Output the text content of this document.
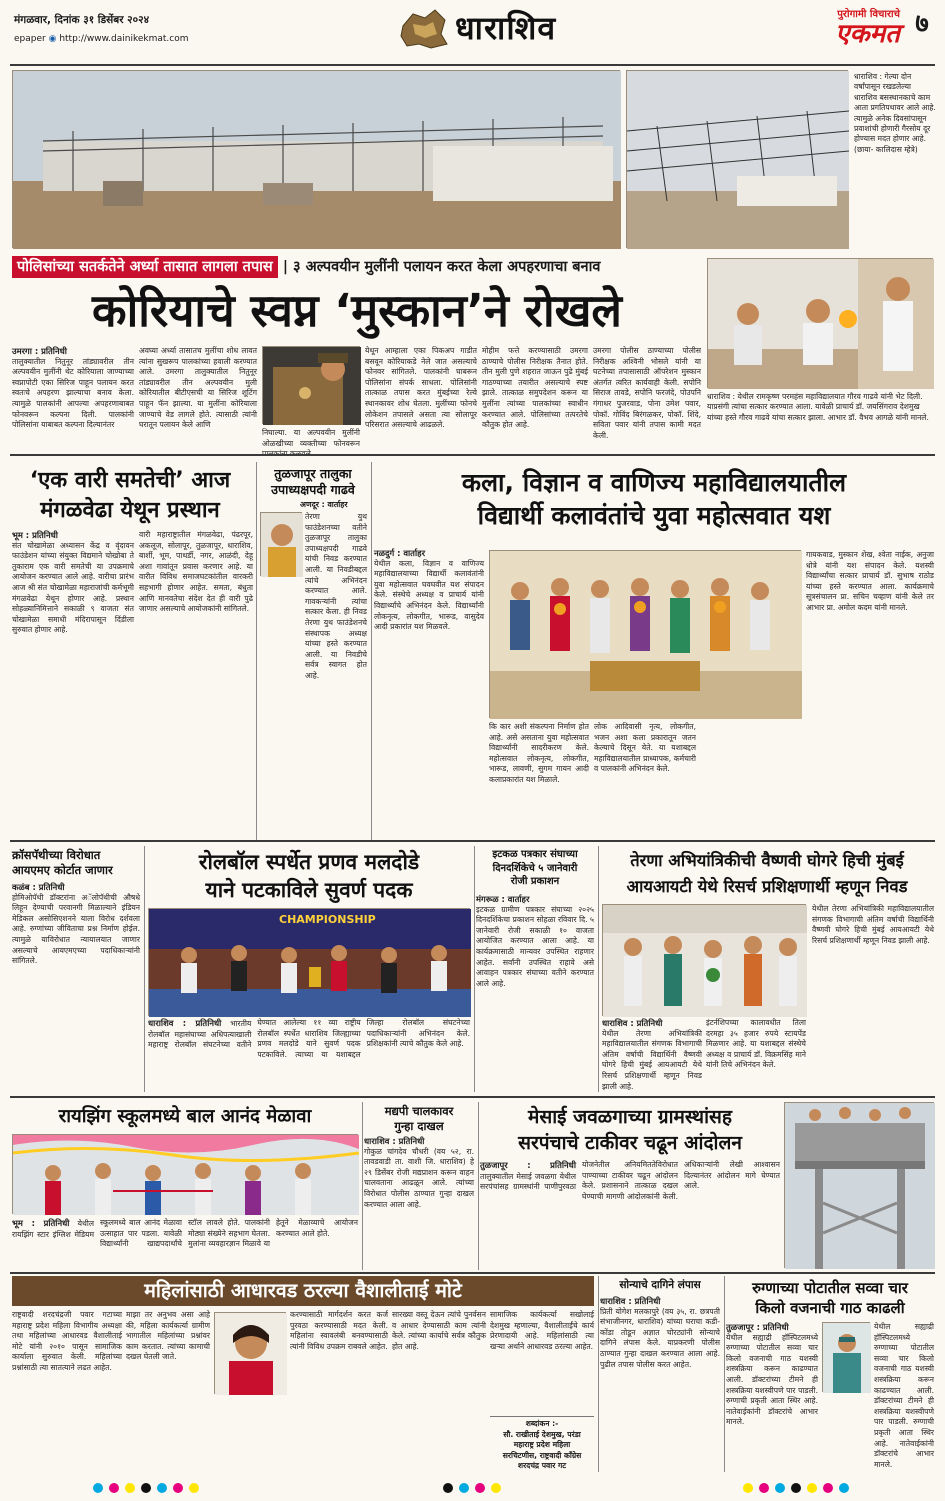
मंगळवार, दिनांक ३१ डिसेंबर २०२४
epaper ◉ http://www.dainikekmat.com	धाराशिव	पुरोगामी विचाराचे
एकमत ७
धाराशिव : गेल्या दोन वर्षांपासून रखडलेल्या धाराशिव बसस्थानकाचे काम आता प्रगतिपथावर आले आहे. त्यामुळे अनेक दिवसांपासून प्रवाशांची होणारी गैरसोय दूर होण्यास मदत होणार आहे. (छाया- कालिदास म्हेत्रे)
पोलिसांच्या सतर्कतेने अर्ध्या तासात लागला तपास | ३ अल्पवयीन मुलींनी पलायन करत केला अपहरणाचा बनाव
कोरियाचे स्वप्न ‘मुस्कान’ने रोखले
उमरगा : प्रतिनिधी
तालुक्यातील नितुनूर तांड्यावरील तीन अल्पवयीन मुलींनी थेट कोरियाला जाण्याच्या स्वप्नापोटी एका सिरिज पाहून पलायन करत स्वतःचे अपहरण झाल्याचा बनाव केला. त्यामुळे पालकांनी आपल्या अपहरणाबाबत फोनवरून कल्पना दिली. पालकांनी पोलिसांना याबाबत कल्पना दिल्यानंतर
अवघ्या अर्ध्या तासातच मुलींचा शोध लावत त्यांना सुखरूप पालकांच्या हवाली करण्यात आले. उमरगा तालुक्यातील नितुनूर तांड्यावरील तीन अल्पवयीन मुली कोरियातील बीटीएसची या सिरिज शूटिंग पाहून फॅन झाल्या. या मुलींना कोरियाला जाण्याचे वेड लागले होते. त्यासाठी त्यांनी घरातून पलायन केले आणि
निघाल्या. या अल्पवयीन मुलींनी ओळखीच्या व्यक्तीच्या फोनवरून
येथून आम्हाला एका पिकअप गाडीत बसवून कोरियाकडे नेले जात असल्याचे फोनवर सांगितले. पालकांनी घाबरून पोलिसांना संपर्क साधला. पोलिसांनी तात्काळ तपास करत मुंबईच्या रेल्वे स्थानकावर शोध घेतला. मुलींच्या फोनचे लोकेशन तपासले असता त्या सोलापूर परिसरात असल्याचे आढळले.
मोहीम फत्ते करण्यासाठी उमरगा ठाण्याचे पोलीस निरीक्षक तैनात होते. तीन मुली पुणे शहरात जाऊन पुढे मुंबई गाठण्याच्या तयारीत असल्याचे स्पष्ट झाले. तात्काळ समुपदेशन करून या मुलींना त्यांच्या पालकांच्या स्वाधीन करण्यात आले. पोलिसांच्या तत्परतेचे कौतुक होत आहे.
उमरगा पोलीस ठाण्याच्या पोलीस निरीक्षक अश्विनी भोसले यांनी या घटनेच्या तपासासाठी ऑपरेशन मुस्कान अंतर्गत त्वरित कार्यवाही केली. सपोनि सिराज तावडे, सपोनि फरजंदे, पोउपनि गंगाधर पुजरवाड, पोना उमेश पवार, पोकॉ. गोविंद बिरंगळकर, पोकॉ. शिंदे, सविता पवार यांनी तपास कामी मदत केली.
धाराशिव : येथील रामकृष्ण परमहंस महाविद्यालयात गौरव गाढवे यांनी भेट दिली. याप्रसंगी त्यांचा सत्कार करण्यात आला. यावेळी प्राचार्य डॉ. जयसिंगराव देशमुख यांच्या हस्ते गौरव गाढवे यांचा सत्कार झाला. आभार डॉ. वैभव आगळे यांनी मानले.
‘एक वारी समतेची’ आज
मंगळवेढा येथून प्रस्थान
भूम : प्रतिनिधी
संत चोखामेळा अध्यासन केंद्र व वृंदावन फाउंडेशन यांच्या संयुक्त विद्यमाने चोखोबा ते तुकाराम एक वारी समतेची या उपक्रमाचे आयोजन करण्यात आले आहे. वारीचा प्रारंभ आज श्री संत चोखामेळा महाराजांची कर्मभूमी मंगळवेढा येथून होणार आहे. प्रस्थान सोहळ्यानिमित्ताने सकाळी ९ वाजता संत चोखामेळा समाधी मंदिरापासून दिंडीला सुरुवात होणार आहे.
वारी महाराष्ट्रातील मंगळवेढा, पंढरपूर, अकलूज, सोलापूर, तुळजापूर, धाराशिव, बार्शी, भूम, पाथर्डी, नगर, आळंदी, देहू अशा गावांतून प्रवास करणार आहे. या वारीत विविध समाजघटकांतील वारकरी सहभागी होणार आहेत. समता, बंधुता आणि मानवतेचा संदेश देत ही वारी पुढे जाणार असल्याचे आयोजकांनी सांगितले.
तुळजापूर तालुका
उपाध्यक्षपदी गाढवे
अणदूर : वार्ताहर
तेरणा युथ फाउंडेशनच्या वतीने तुळजापूर तालुका उपाध्यक्षपदी गाढवे यांची निवड करण्यात आली. या निवडीबद्दल त्यांचे अभिनंदन करण्यात आले. गावकऱ्यांनी त्यांचा सत्कार केला. ही निवड तेरणा युथ फाउंडेशनचे संस्थापक अध्यक्ष यांच्या हस्ते करण्यात आली. या निवडीचे सर्वत्र स्वागत होत आहे.
कला, विज्ञान व वाणिज्य महाविद्यालयातील
विद्यार्थी कलावंतांचे युवा महोत्सवात यश
नळदुर्ग : वार्ताहर
येथील कला, विज्ञान व वाणिज्य महाविद्यालयाच्या विद्यार्थी कलावंतांनी युवा महोत्सवात घवघवीत यश संपादन केले. संस्थेचे अध्यक्ष व प्राचार्य यांनी विद्यार्थ्यांचे अभिनंदन केले. विद्यार्थ्यांनी लोकनृत्य, लोकगीत, भारूड, वासुदेव आदी प्रकारांत यश मिळवले.
कि कार अशी संकल्पना निर्माण होत आहे. असे असताना युवा महोत्सवात विद्यार्थ्यांनी सादरीकरण केले. महोत्सवात लोकनृत्य, लोकगीत, भारूड, लावणी, सुगम गायन आदी कलाप्रकारांत यश मिळाले.
लोक आदिवासी नृत्य, लोकगीत, भजन अशा कला प्रकारातून जतन केल्याचे दिसून येते. या यशाबद्दल महाविद्यालयातील प्राध्यापक, कर्मचारी व पालकांनी अभिनंदन केले.
गायकवाड, मुस्कान शेख, श्वेता नाईक, अनुजा धोत्रे यांनी यश संपादन केले. यशस्वी विद्यार्थ्यांचा सत्कार प्राचार्य डॉ. सुभाष राठोड यांच्या हस्ते करण्यात आला. कार्यक्रमाचे सूत्रसंचालन प्रा. सचिन चव्हाण यांनी केले तर आभार प्रा. अमोल कदम यांनी मानले.
क्रॉसपॅथीच्या विरोधात
आयएमए कोर्टात जाणार
कळंब : प्रतिनिधी
होमिओपॅथी डॉक्टरांना अॅलोपॅथीची औषधे लिहून देण्याची परवानगी मिळाल्याने इंडियन मेडिकल असोसिएशनने याला विरोध दर्शवला आहे. रुग्णांच्या जीविताचा प्रश्न निर्माण होईल. त्यामुळे याविरोधात न्यायालयात जाणार असल्याचे आयएमएच्या पदाधिकाऱ्यांनी सांगितले.
रोलबॉल स्पर्धेत प्रणव मलदोडे
याने पटकाविले सुवर्ण पदक
CHAMPIONSHIP
धाराशिव : प्रतिनिधी भारतीय रोलबॉल महासंघाच्या अधिपत्याखाली महाराष्ट्र रोलबॉल संघटनेच्या वतीने घेण्यात आलेल्या ११ व्या राष्ट्रीय रोलबॉल स्पर्धेत धाराशिव जिल्ह्याच्या प्रणव मलदोडे याने सुवर्ण पदक पटकाविले. त्याच्या या यशाबद्दल जिल्हा रोलबॉल संघटनेच्या पदाधिकाऱ्यांनी अभिनंदन केले. प्रशिक्षकांनी त्याचे कौतुक केले आहे.
इटकळ पत्रकार संघाच्या
दिनदर्शिकेचे ५ जानेवारी
रोजी प्रकाशन
मंगरूळ : वार्ताहर
इटकळ ग्रामीण पत्रकार संघाच्या २०२५ दिनदर्शिकेचा प्रकाशन सोहळा रविवार दि. ५ जानेवारी रोजी सकाळी १० वाजता आयोजित करण्यात आला आहे. या कार्यक्रमासाठी मान्यवर उपस्थित राहणार आहेत. सर्वांनी उपस्थित राहावे असे आवाहन पत्रकार संघाच्या वतीने करण्यात आले आहे.
तेरणा अभियांत्रिकीची वैष्णवी घोगरे हिची मुंबई
आयआयटी येथे रिसर्च प्रशिक्षणार्थी म्हणून निवड
धाराशिव : प्रतिनिधी
येथील तेरणा अभियांत्रिकी महाविद्यालयातील संगणक विभागाची अंतिम वर्षाची विद्यार्थिनी वैष्णवी घोगरे हिची मुंबई आयआयटी येथे रिसर्च प्रशिक्षणार्थी म्हणून निवड झाली आहे.
इंटर्नशिपच्या कालावधीत तिला दरमहा ३५ हजार रुपये स्टायपेंड मिळणार आहे. या यशाबद्दल संस्थेचे अध्यक्ष व प्राचार्य डॉ. विक्रमसिंह माने यांनी तिचे अभिनंदन केले.
येथील तेरणा अभियांत्रिकी महाविद्यालयातील संगणक विभागाची अंतिम वर्षाची विद्यार्थिनी वैष्णवी घोगरे हिची मुंबई आयआयटी येथे रिसर्च प्रशिक्षणार्थी म्हणून निवड झाली आहे.
रायझिंग स्कूलमध्ये बाल आनंद मेळावा
भूम : प्रतिनिधी येथील रायझिंग स्टार इंग्लिश मेडियम स्कूलमध्ये बाल आनंद मेळावा उत्साहात पार पडला. यावेळी विद्यार्थ्यांनी खाद्यपदार्थांचे स्टॉल लावले होते. पालकांनी मोठ्या संख्येने सहभाग घेतला. मुलांना व्यवहारज्ञान मिळावे या हेतूने मेळाव्याचे आयोजन करण्यात आले होते.
मद्यपी चालकावर
गुन्हा दाखल
धाराशिव : प्रतिनिधी
गोकुळ चांगदेव चौधरी (वय ५२, रा. तावडवाडी ता. वाशी जि. धाराशिव) हे २९ डिसेंबर रोजी मद्यप्राशन करून वाहन चालवताना आढळून आले. त्यांच्या विरोधात पोलीस ठाण्यात गुन्हा दाखल करण्यात आला आहे.
मेसाई जवळगाच्या ग्रामस्थांसह
सरपंचाचे टाकीवर चढून आंदोलन
तुळजापूर : प्रतिनिधी तालुक्यातील मेसाई जवळगा येथील सरपंचांसह ग्रामस्थांनी पाणीपुरवठा योजनेतील अनियमिततेविरोधात पाण्याच्या टाकीवर चढून आंदोलन केले. प्रशासनाने तात्काळ दखल घेण्याची मागणी आंदोलकांनी केली. अधिकाऱ्यांनी लेखी आश्वासन दिल्यानंतर आंदोलन मागे घेण्यात आले.
महिलांसाठी आधारवड ठरल्या वैशालीताई मोटे
राष्ट्रवादी शरदचंद्रजी पवार गटाच्या महाराष्ट्र प्रदेश महिला विभागीय अध्यक्षा तथा महिलांच्या आधारवड वैशालीताई मोटे यांनी २०१० पासून सामाजिक कार्याला सुरुवात केली. महिलांच्या प्रश्नांसाठी त्या सातत्याने लढत आहेत.
माझा तर अनुभव असा आहे की, महिला कार्यकर्त्या ग्रामीण भागातील महिलांच्या प्रश्नांवर काम करतात. त्यांच्या कामाची दखल घेतली जाते.
करण्यासाठी मार्गदर्शन करत कर्ज पुरवठा करण्यासाठी मदत केली. महिलांना स्वावलंबी बनवण्यासाठी त्यांनी विविध उपक्रम राबवले आहेत.
सारख्या वस्तू देऊन त्यांचे पुनर्वसन व आधार देण्यासाठी काम त्यांनी केले. त्यांच्या कार्याचे सर्वत्र कौतुक होत आहे.
सामाजिक कार्यकर्त्या सखोलाई देशमुख म्हणाल्या, वैशालीताईंचे कार्य प्रेरणादायी आहे. महिलांसाठी त्या खऱ्या अर्थाने आधारवड ठरल्या आहेत.
शब्दांकन :-
सौ. राखीताई देशमुख, परंडा
महाराष्ट्र प्रदेश महिला
सरचिटणीस, राष्ट्रवादी काँग्रेस
शरदचंद्र पवार गट
सोन्याचे दागिने लंपास
धाराशिव : प्रतिनिधी
प्रिती योगेश मलकापुरे (वय ३५, रा. छत्रपती संभाजीनगर, धाराशिव) यांच्या घराचा कडी-कोंडा तोडून अज्ञात चोरट्यांनी सोन्याचे दागिने लंपास केले. याप्रकरणी पोलीस ठाण्यात गुन्हा दाखल करण्यात आला आहे. पुढील तपास पोलीस करत आहेत.
रुग्णाच्या पोटातील सव्वा चार
किलो वजनाची गाठ काढली
तुळजापूर : प्रतिनिधी
येथील सह्याद्री हॉस्पिटलमध्ये रुग्णाच्या पोटातील सव्वा चार किलो वजनाची गाठ यशस्वी शस्त्रक्रिया करून काढण्यात आली. डॉक्टरांच्या टीमने ही शस्त्रक्रिया यशस्वीपणे पार पाडली. रुग्णाची प्रकृती आता स्थिर आहे. नातेवाईकांनी डॉक्टरांचे आभार मानले.
येथील सह्याद्री हॉस्पिटलमध्ये रुग्णाच्या पोटातील सव्वा चार किलो वजनाची गाठ यशस्वी शस्त्रक्रिया करून काढण्यात आली. डॉक्टरांच्या टीमने ही शस्त्रक्रिया यशस्वीपणे पार पाडली. रुग्णाची प्रकृती आता स्थिर आहे. नातेवाईकांनी डॉक्टरांचे आभार मानले.
